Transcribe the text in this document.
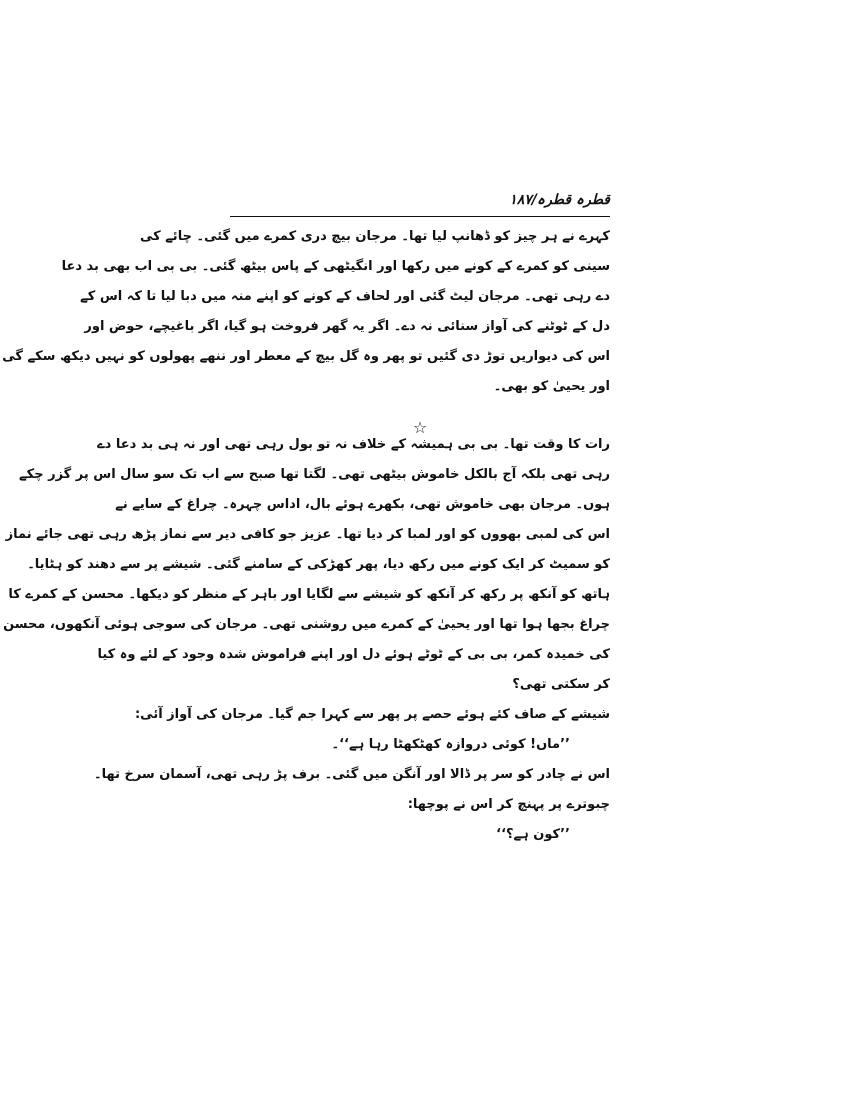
قطرہ قطرہ/۱۸۷
کہرے نے ہر چیز کو ڈھانپ لیا تھا۔ مرجان بیچ دری کمرے میں گئی۔ چائے کی
سینی کو کمرے کے کونے میں رکھا اور انگیٹھی کے پاس بیٹھ گئی۔ بی بی اب بھی بد دعا
دے رہی تھی۔ مرجان لیٹ گئی اور لحاف کے کونے کو اپنے منہ میں دبا لیا تا کہ اس کے
دل کے ٹوٹنے کی آواز سنائی نہ دے۔ اگر یہ گھر فروخت ہو گیا، اگر باغیچے، حوض اور
اس کی دیواریں توڑ دی گئیں تو پھر وہ گل بیچ کے معطر اور ننھے پھولوں کو نہیں دیکھ سکے گی
اور یحییٰ کو بھی۔
☆
رات کا وقت تھا۔ بی بی ہمیشہ کے خلاف نہ تو بول رہی تھی اور نہ ہی بد دعا دے
رہی تھی بلکہ آج بالکل خاموش بیٹھی تھی۔ لگتا تھا صبح سے اب تک سو سال اس پر گزر چکے
ہوں۔ مرجان بھی خاموش تھی، بکھرے ہوئے بال، اداس چہرہ۔ چراغ کے سایے نے
اس کی لمبی بھووں کو اور لمبا کر دیا تھا۔ عزیز جو کافی دیر سے نماز پڑھ رہی تھی جائے نماز
کو سمیٹ کر ایک کونے میں رکھ دیا، پھر کھڑکی کے سامنے گئی۔ شیشے پر سے دھند کو ہٹایا۔
ہاتھ کو آنکھ پر رکھ کر آنکھ کو شیشے سے لگایا اور باہر کے منظر کو دیکھا۔ محسن کے کمرے کا
چراغ بجھا ہوا تھا اور یحییٰ کے کمرے میں روشنی تھی۔ مرجان کی سوجی ہوئی آنکھوں، محسن
کی خمیدہ کمر، بی بی کے ٹوٹے ہوئے دل اور اپنے فراموش شدہ وجود کے لئے وہ کیا
کر سکتی تھی؟
شیشے کے صاف کئے ہوئے حصے پر پھر سے کہرا جم گیا۔ مرجان کی آواز آئی:
’’ماں! کوئی دروازہ کھٹکھٹا رہا ہے‘‘۔
اس نے چادر کو سر پر ڈالا اور آنگن میں گئی۔ برف پڑ رہی تھی، آسمان سرخ تھا۔
چبوترے پر پہنچ کر اس نے پوچھا:
’’کون ہے؟‘‘
